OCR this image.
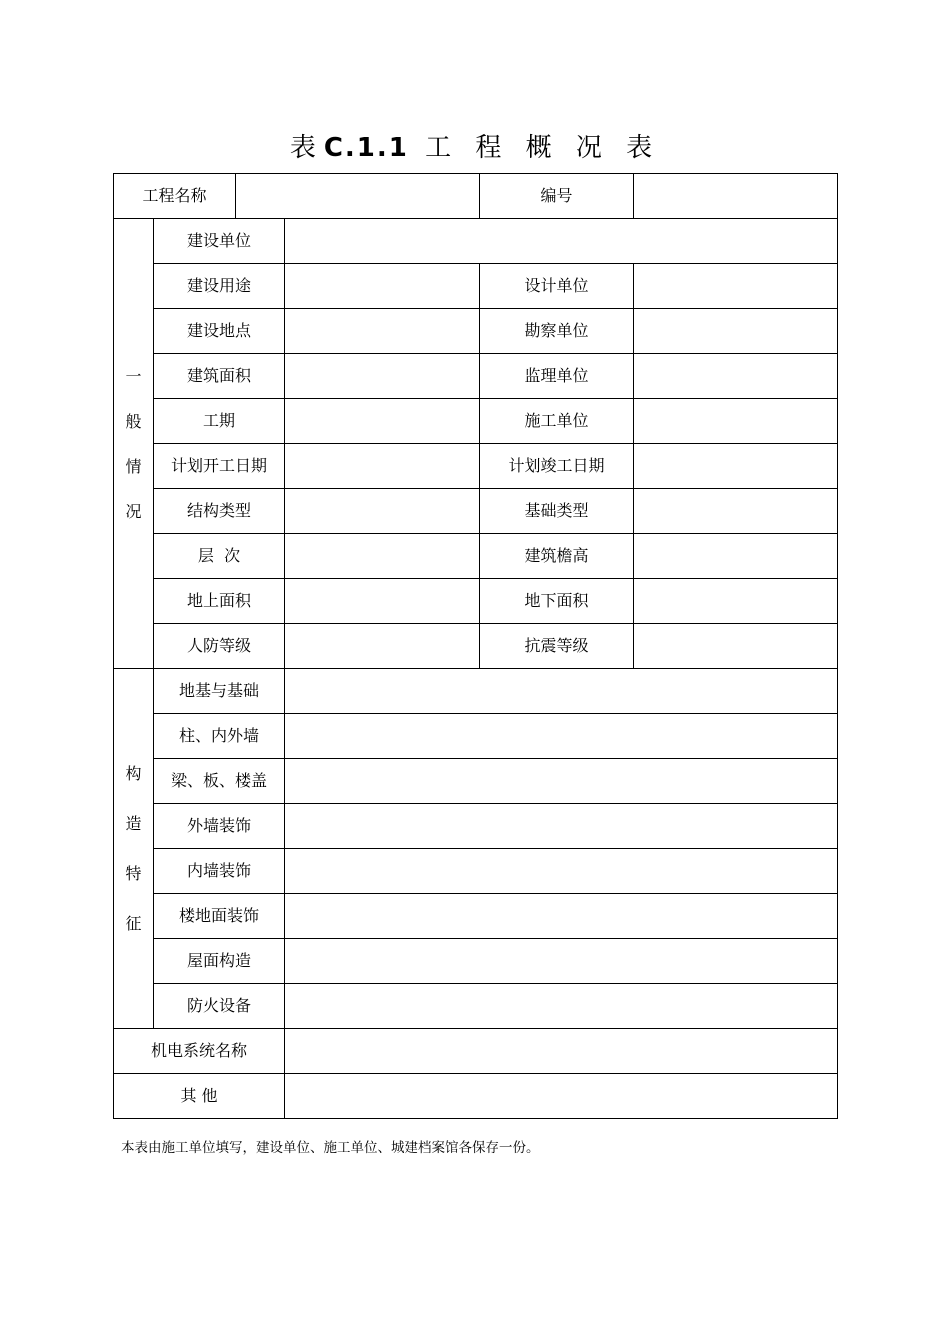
表C.1.1 工 程 概 况 表
工程名称				编号	

一
般
情
况	建设单位				
	建设用途			设计单位	
	建设地点			勘察单位	
	建筑面积			监理单位	
	工期			施工单位	
	计划开工日期			计划竣工日期	
	结构类型			基础类型	
	层  次			建筑檐高	
	地上面积			地下面积	
	人防等级			抗震等级	

构
造
特
征	地基与基础				
	柱、内外墙				
	梁、板、楼盖				
	外墙装饰				
	内墙装饰				
	楼地面装饰				
	屋面构造				
	防火设备				
机电系统名称					
其 他					
本表由施工单位填写，建设单位、施工单位、城建档案馆各保存一份。
